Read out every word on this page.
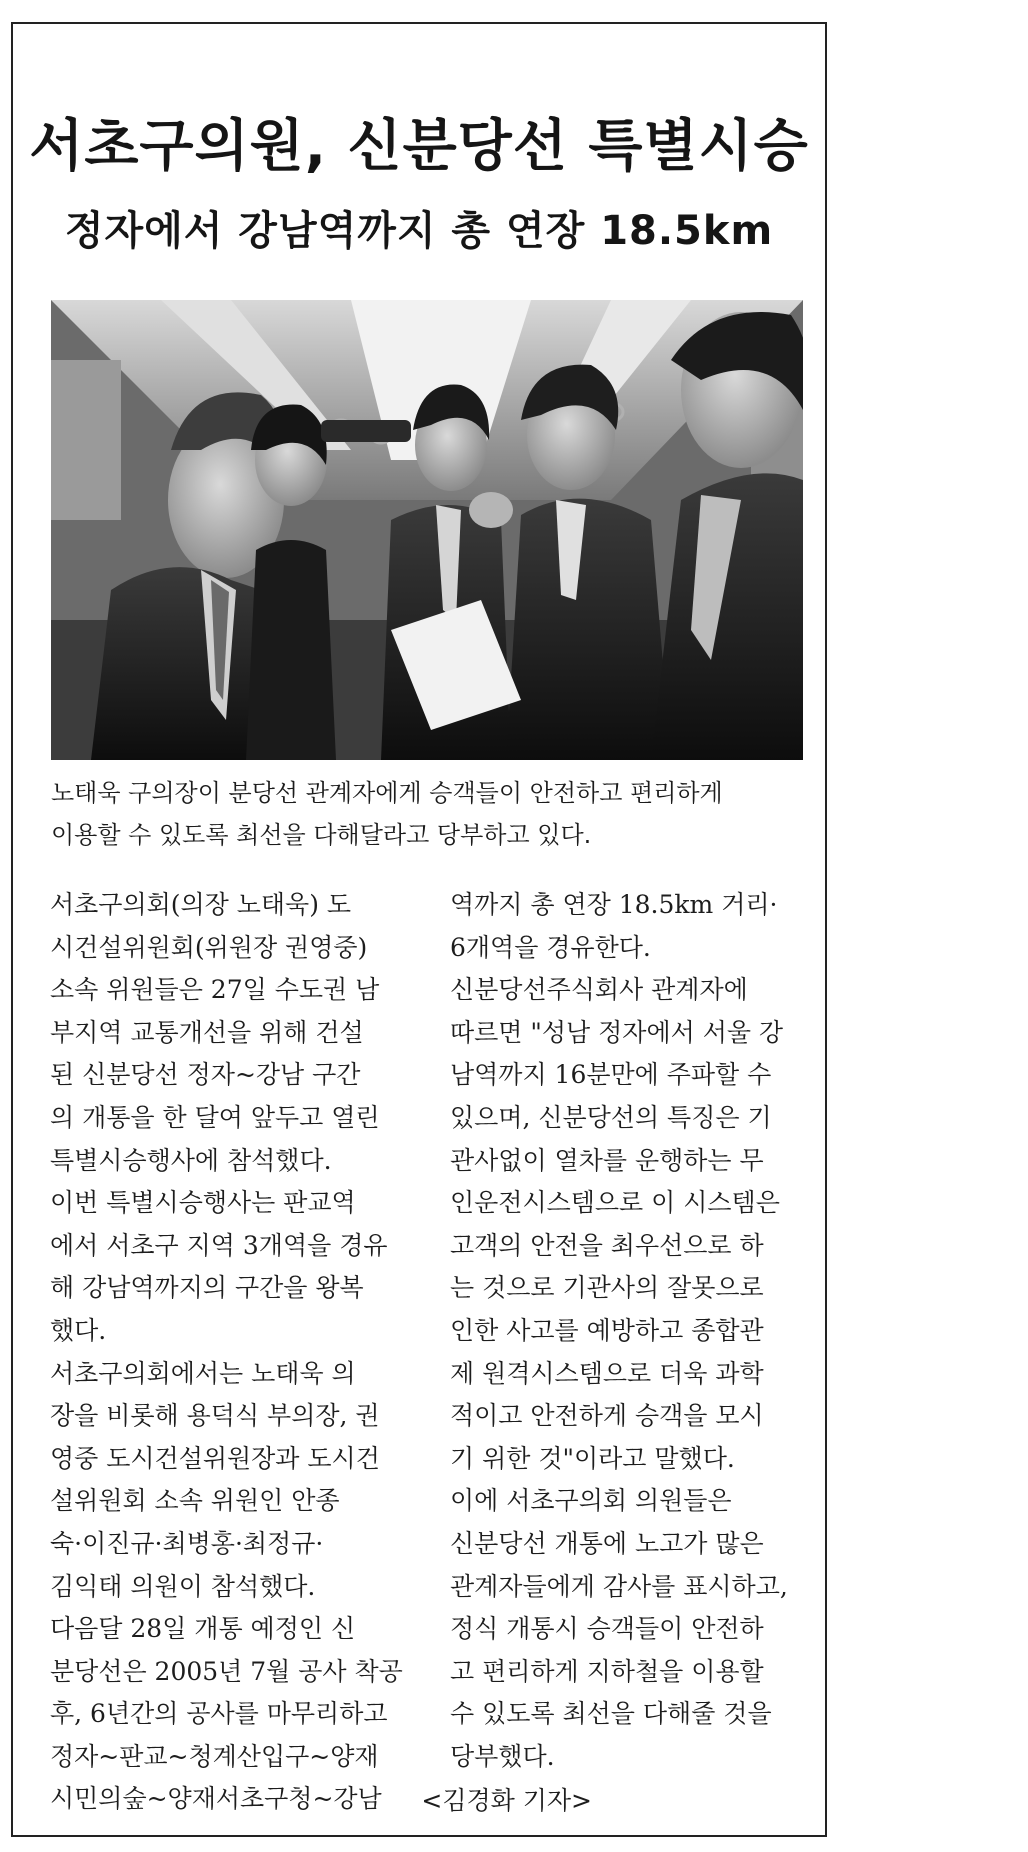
서초구의원, 신분당선 특별시승
정자에서 강남역까지 총 연장 18.5km
노태욱 구의장이 분당선 관계자에게 승객들이 안전하고 편리하게
이용할 수 있도록 최선을 다해달라고 당부하고 있다.
서초구의회(의장 노태욱) 도
시건설위원회(위원장 권영중)
소속 위원들은 27일 수도권 남
부지역 교통개선을 위해 건설
된 신분당선 정자~강남 구간
의 개통을 한 달여 앞두고 열린
특별시승행사에 참석했다.
이번 특별시승행사는 판교역
에서 서초구 지역 3개역을 경유
해 강남역까지의 구간을 왕복
했다.
서초구의회에서는 노태욱 의
장을 비롯해 용덕식 부의장, 권
영중 도시건설위원장과 도시건
설위원회 소속 위원인 안종
숙·이진규·최병홍·최정규·
김익태 의원이 참석했다.
다음달 28일 개통 예정인 신
분당선은 2005년 7월 공사 착공
후, 6년간의 공사를 마무리하고
정자~판교~청계산입구~양재
시민의숲~양재서초구청~강남
역까지 총 연장 18.5km 거리·
6개역을 경유한다.
신분당선주식회사 관계자에
따르면 "성남 정자에서 서울 강
남역까지 16분만에 주파할 수
있으며, 신분당선의 특징은 기
관사없이 열차를 운행하는 무
인운전시스템으로 이 시스템은
고객의 안전을 최우선으로 하
는 것으로 기관사의 잘못으로
인한 사고를 예방하고 종합관
제 원격시스템으로 더욱 과학
적이고 안전하게 승객을 모시
기 위한 것"이라고 말했다.
이에 서초구의회 의원들은
신분당선 개통에 노고가 많은
관계자들에게 감사를 표시하고,
정식 개통시 승객들이 안전하
고 편리하게 지하철을 이용할
수 있도록 최선을 다해줄 것을
당부했다.
<김경화 기자>
